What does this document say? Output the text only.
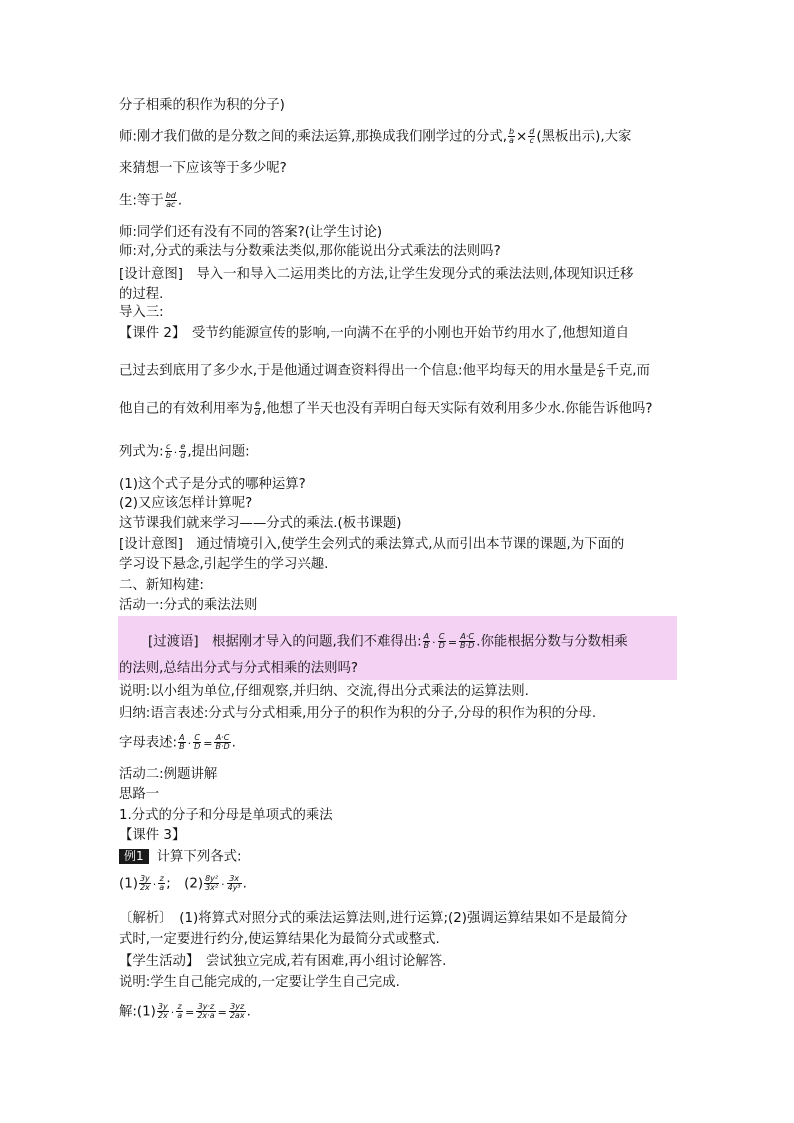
分子相乘的积作为积的分子)
师:刚才我们做的是分数之间的乘法运算,那换成我们刚学过的分式, $\frac{b}{a} \times \frac{d}{c}$ (黑板出示),大家
来猜想一下应该等于多少呢?
生:等于 $\frac{bd}{ac}$ .
师:同学们还有没有不同的答案?(让学生讨论)
师:对,分式的乘法与分数乘法类似,那你能说出分式乘法的法则吗?
[设计意图]　导入一和导入二运用类比的方法,让学生发现分式的乘法法则,体现知识迁移
的过程.
导入三:
【课件 2】　受节约能源宣传的影响,一向满不在乎的小刚也开始节约用水了,他想知道自
己过去到底用了多少水,于是他通过调查资料得出一个信息:他平均每天的用水量是 $\frac{c}{b}$ 千克,而
他自己的有效利用率为 $\frac{e}{d}$ ,他想了半天也没有弄明白每天实际有效利用多少水.你能告诉他吗?
列式为: $\frac{c}{b} \cdot \frac{e}{d}$ ,提出问题:
(1)这个式子是分式的哪种运算?
(2)又应该怎样计算呢?
这节课我们就来学习——分式的乘法.(板书课题)
[设计意图]　通过情境引入,使学生会列式的乘法算式,从而引出本节课的课题,为下面的
学习设下悬念,引起学生的学习兴趣.
二、新知构建:
活动一:分式的乘法法则
[过渡语]　根据刚才导入的问题,我们不难得出: $\frac{A}{B} \cdot \frac{C}{D} = \frac{A\cdot C}{B\cdot D}$ .你能根据分数与分数相乘
的法则,总结出分式与分式相乘的法则吗?
说明:以小组为单位,仔细观察,并归纳、交流,得出分式乘法的运算法则.
归纳:语言表述:分式与分式相乘,用分子的积作为积的分子,分母的积作为积的分母.
字母表述: $\frac{A}{B} \cdot \frac{C}{D} = \frac{A\cdot C}{B\cdot D}$ .
活动二:例题讲解
思路一
1.分式的分子和分母是单项式的乘法
【课件 3】
例1 计算下列各式:
$(1) \frac{3y}{2x} \cdot \frac{z}{a}$ ;　$(2) \frac{\text{8y²}}{\text{3x²}} \cdot \frac{3x}{\text{4y³}}$ .
〔解析〕　(1)将算式对照分式的乘法运算法则,进行运算;(2)强调运算结果如不是最简分
式时,一定要进行约分,使运算结果化为最简分式或整式.
【学生活动】　尝试独立完成,若有困难,再小组讨论解答.
说明:学生自己能完成的,一定要让学生自己完成.
解:(1) $\frac{3y}{2x} \cdot \frac{z}{a} = \frac{3y\cdot z}{2x\cdot a} = \frac{3yz}{2ax}$ .
